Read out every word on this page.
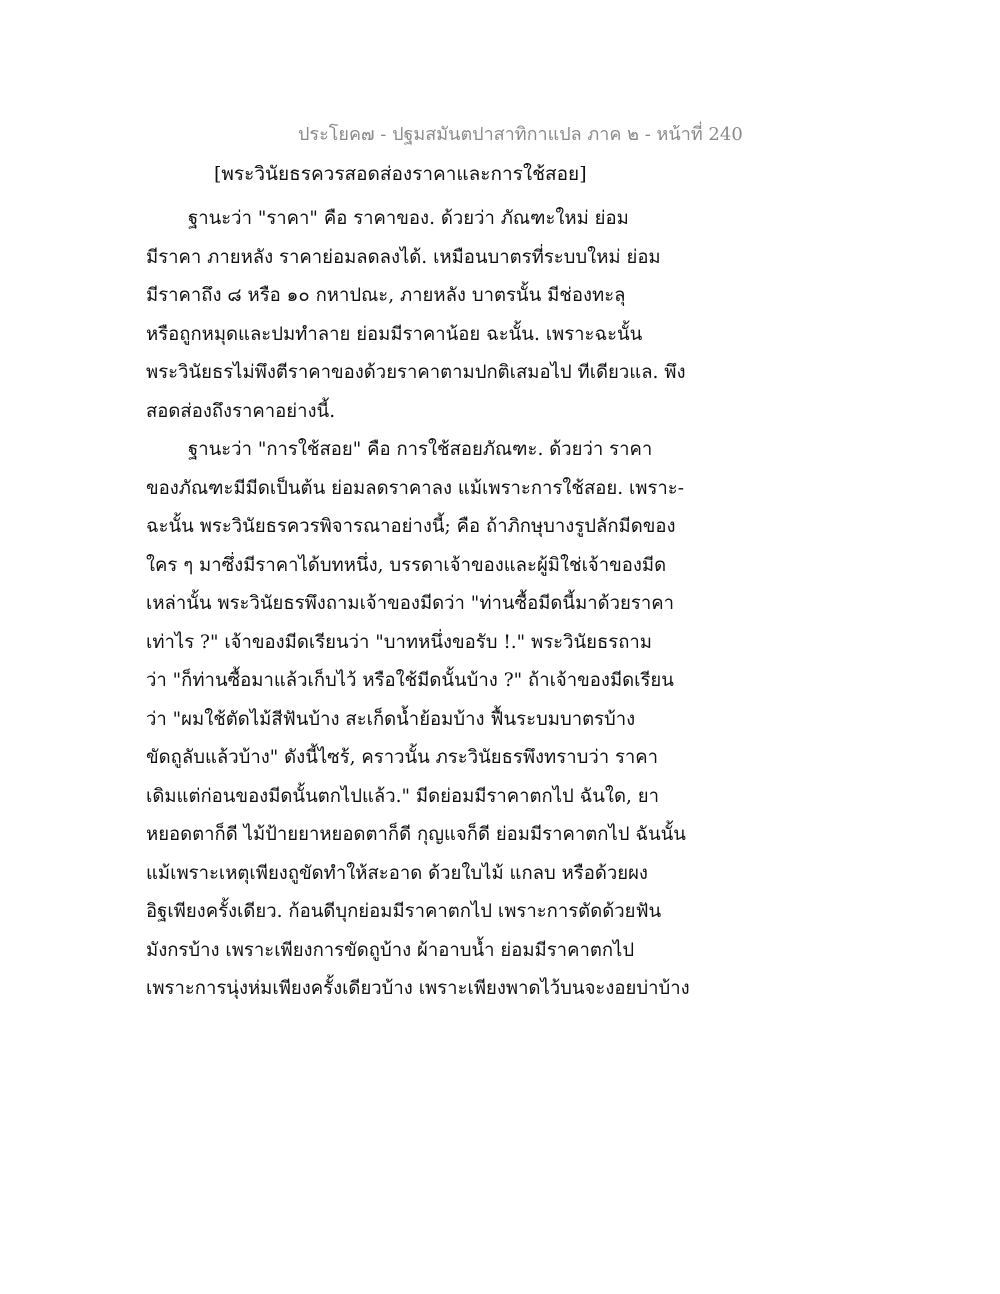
ประโยค๗ - ปฐมสมันตปาสาทิกาแปล ภาค ๒ - หน้าที่ 240
[พระวินัยธรควรสอดส่องราคาและการใช้สอย]
ฐานะว่า "ราคา" คือ ราคาของ. ด้วยว่า ภัณฑะใหม่ ย่อม
มีราคา ภายหลัง ราคาย่อมลดลงได้. เหมือนบาตรที่ระบบใหม่ ย่อม
มีราคาถึง ๘ หรือ ๑๐ กหาปณะ, ภายหลัง บาตรนั้น มีช่องทะลุ
หรือถูกหมุดและปมทำลาย ย่อมมีราคาน้อย ฉะนั้น. เพราะฉะนั้น
พระวินัยธรไม่พึงตีราคาของด้วยราคาตามปกติเสมอไป ทีเดียวแล. พึง
สอดส่องถึงราคาอย่างนี้.
ฐานะว่า "การใช้สอย" คือ การใช้สอยภัณฑะ. ด้วยว่า ราคา
ของภัณฑะมีมีดเป็นต้น ย่อมลดราคาลง แม้เพราะการใช้สอย. เพราะ-
ฉะนั้น พระวินัยธรควรพิจารณาอย่างนี้; คือ ถ้าภิกษุบางรูปลักมีดของ
ใคร ๆ มาซึ่งมีราคาได้บทหนึ่ง, บรรดาเจ้าของและผู้มิใช่เจ้าของมีด
เหล่านั้น พระวินัยธรพึงถามเจ้าของมีดว่า "ท่านซื้อมีดนี้มาด้วยราคา
เท่าไร ?" เจ้าของมีดเรียนว่า "บาทหนึ่งขอรับ !." พระวินัยธรถาม
ว่า "ก็ท่านซื้อมาแล้วเก็บไว้ หรือใช้มีดนั้นบ้าง ?" ถ้าเจ้าของมีดเรียน
ว่า "ผมใช้ตัดไม้สีฟันบ้าง สะเก็ดน้ำย้อมบ้าง ฟื้นระบมบาตรบ้าง
ขัดถูลับแล้วบ้าง" ดังนี้ไซร้, คราวนั้น ภระวินัยธรพึงทราบว่า ราคา
เดิมแต่ก่อนของมีดนั้นตกไปแล้ว." มีดย่อมมีราคาตกไป ฉันใด, ยา
หยอดตาก็ดี ไม้ป้ายยาหยอดตาก็ดี กุญแจก็ดี ย่อมมีราคาตกไป ฉันนั้น
แม้เพราะเหตุเพียงถูขัดทำให้สะอาด ด้วยใบไม้ แกลบ หรือด้วยผง
อิฐเพียงครั้งเดียว. ก้อนดีบุกย่อมมีราคาตกไป เพราะการตัดด้วยฟัน
มังกรบ้าง เพราะเพียงการขัดถูบ้าง ผ้าอาบน้ำ ย่อมมีราคาตกไป
เพราะการนุ่งห่มเพียงครั้งเดียวบ้าง เพราะเพียงพาดไว้บนจะงอยบ่าบ้าง
